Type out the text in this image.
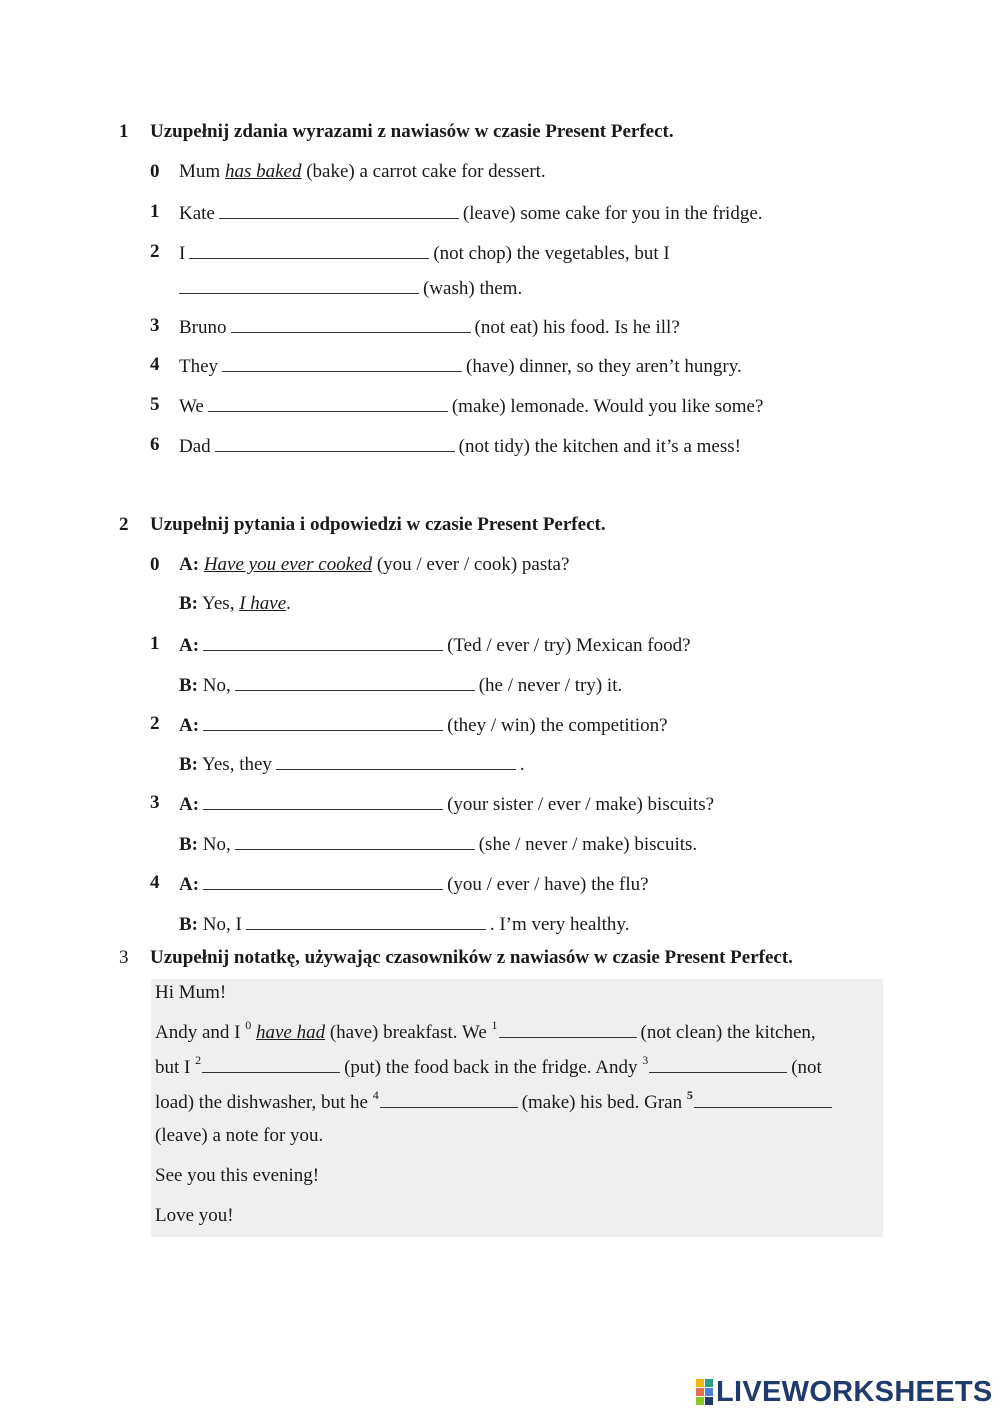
1 Uzupełnij zdania wyrazami z nawiasów w czasie Present Perfect.
0 Mum has baked (bake) a carrot cake for dessert.
1 Kate	(leave) some cake for you in the fridge.
2 I	(not chop) the vegetables, but I
(wash) them.
3 Bruno	(not eat) his food. Is he ill?
4 They	(have) dinner, so they aren’t hungry.
5 We	(make) lemonade. Would you like some?
6 Dad	(not tidy) the kitchen and it’s a mess!
2 Uzupełnij pytania i odpowiedzi w czasie Present Perfect.
0 A: Have you ever cooked (you / ever / cook) pasta?
B: Yes, I have.
1 A:	(Ted / ever / try) Mexican food?
B: No,	(he / never / try) it.
2 A:	(they / win) the competition?
B: Yes, they	.
3 A:	(your sister / ever / make) biscuits?
B: No,	(she / never / make) biscuits.
4 A:	(you / ever / have) the flu?
B: No, I	. I’m very healthy.
3 Uzupełnij notatkę, używając czasowników z nawiasów w czasie Present Perfect.
Hi Mum!
Andy and I $^0$ have had (have) breakfast. We $^1$	(not clean) the kitchen,
but I $^2$	(put) the food back in the fridge. Andy $^3$	(not
load) the dishwasher, but he $^4$	(make) his bed. Gran $^5$
(leave) a note for you.
See you this evening!
Love you!
LIVEWORKSHEETS
